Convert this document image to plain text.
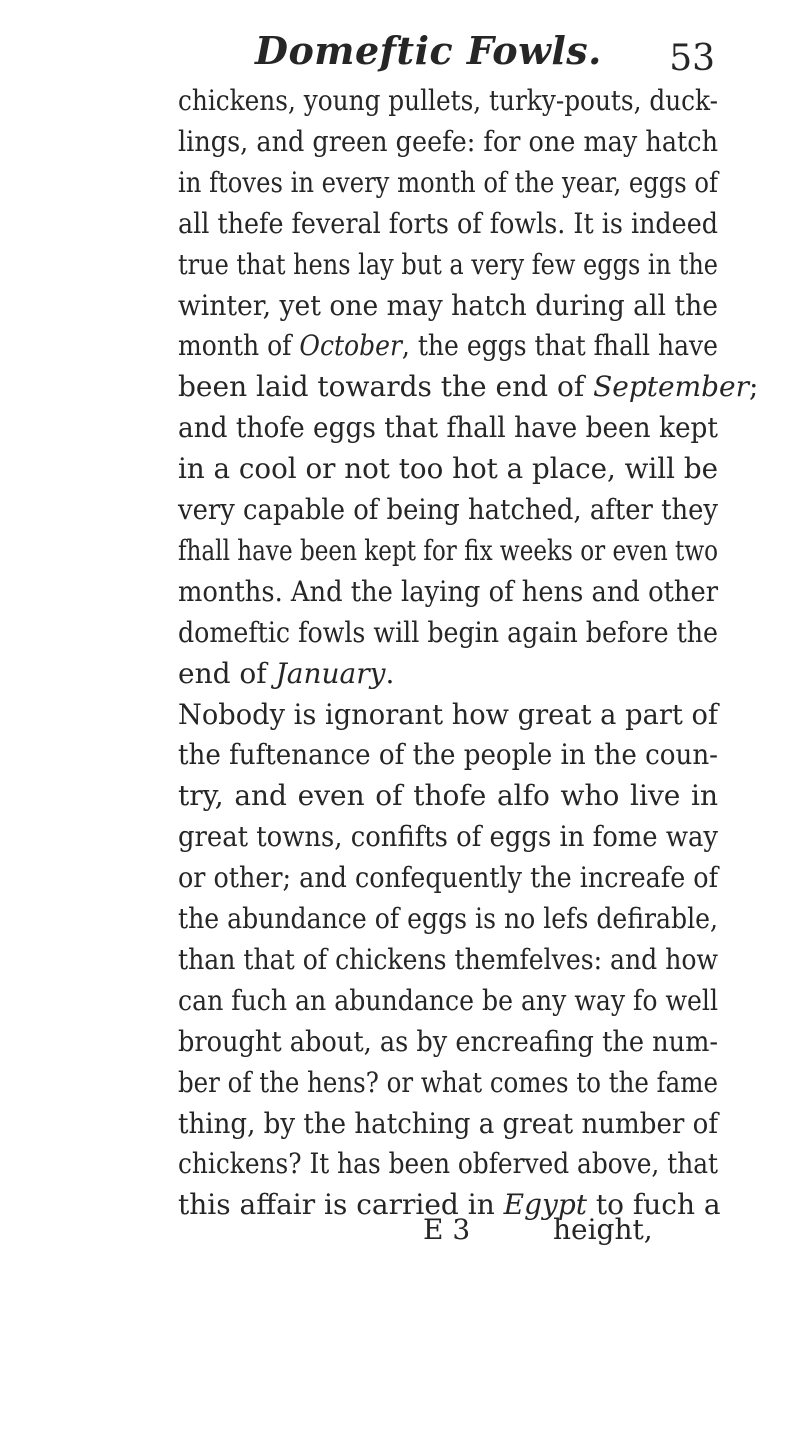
Domeftic Fowls. 53
chickens, young pullets, turky-pouts, duck-
lings, and green geefe: for one may hatch
in ftoves in every month of the year, eggs of
all thefe feveral forts of fowls. It is indeed
true that hens lay but a very few eggs in the
winter, yet one may hatch during all the
month of October, the eggs that fhall have
been laid towards the end of September;
and thofe eggs that fhall have been kept
in a cool or not too hot a place, will be
very capable of being hatched, after they
fhall have been kept for fix weeks or even two
months. And the laying of hens and other
domeftic fowls will begin again before the
end of January.
Nobody is ignorant how great a part of
the fuftenance of the people in the coun-
try, and even of thofe alfo who live in
great towns, confifts of eggs in fome way
or other; and confequently the increafe of
the abundance of eggs is no lefs defirable,
than that of chickens themfelves: and how
can fuch an abundance be any way fo well
brought about, as by encreafing the num-
ber of the hens? or what comes to the fame
thing, by the hatching a great number of
chickens? It has been obferved above, that
this affair is carried in Egypt to fuch a
E 3	height,
